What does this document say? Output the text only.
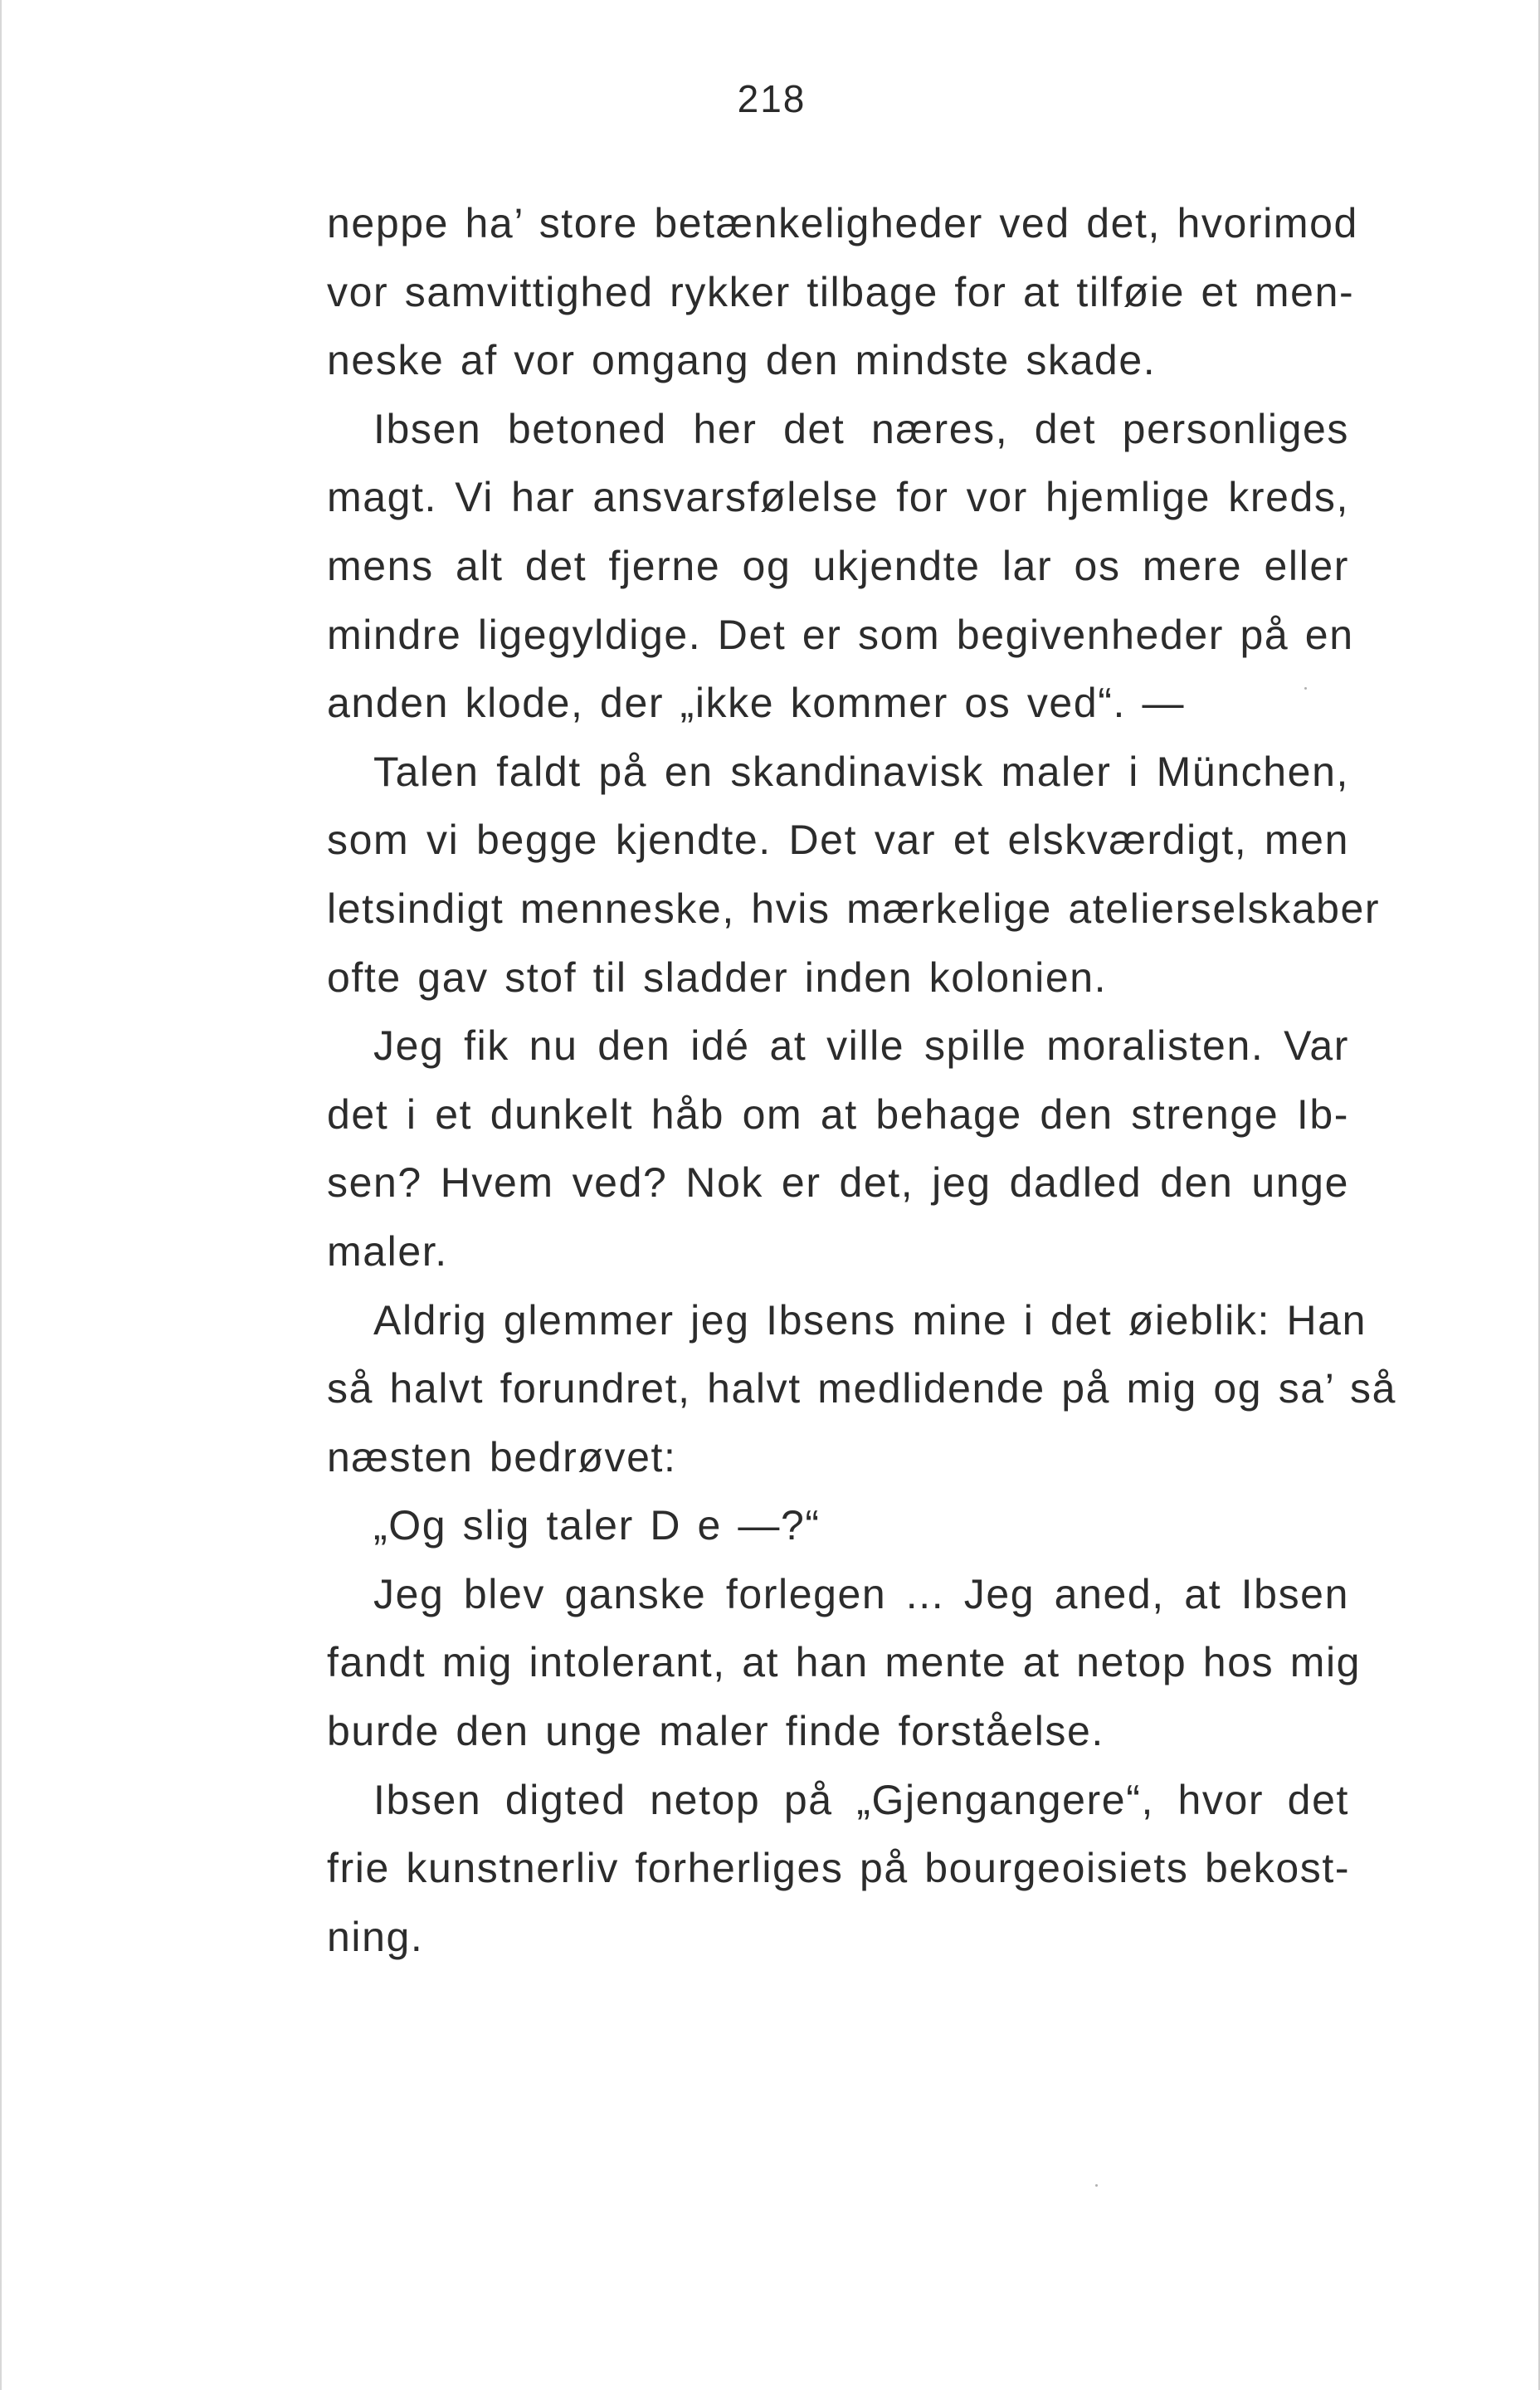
218
neppe ha’ store betænkeligheder ved det, hvorimod
vor samvittighed rykker tilbage for at tilføie et men-
neske af vor omgang den mindste skade.
Ibsen betoned her det næres, det personliges
magt. Vi har ansvarsfølelse for vor hjemlige kreds,
mens alt det fjerne og ukjendte lar os mere eller
mindre ligegyldige. Det er som begivenheder på en
anden klode, der „ikke kommer os ved“. —
Talen faldt på en skandinavisk maler i München,
som vi begge kjendte. Det var et elskværdigt, men
letsindigt menneske, hvis mærkelige atelierselskaber
ofte gav stof til sladder inden kolonien.
Jeg fik nu den idé at ville spille moralisten. Var
det i et dunkelt håb om at behage den strenge Ib-
sen? Hvem ved? Nok er det, jeg dadled den unge
maler.
Aldrig glemmer jeg Ibsens mine i det øieblik: Han
så halvt forundret, halvt medlidende på mig og sa’ så
næsten bedrøvet:
„Og slig taler D e —?“
Jeg blev ganske forlegen ... Jeg aned, at Ibsen
fandt mig intolerant, at han mente at netop hos mig
burde den unge maler finde forståelse.
Ibsen digted netop på „Gjengangere“, hvor det
frie kunstnerliv forherliges på bourgeoisiets bekost-
ning.
